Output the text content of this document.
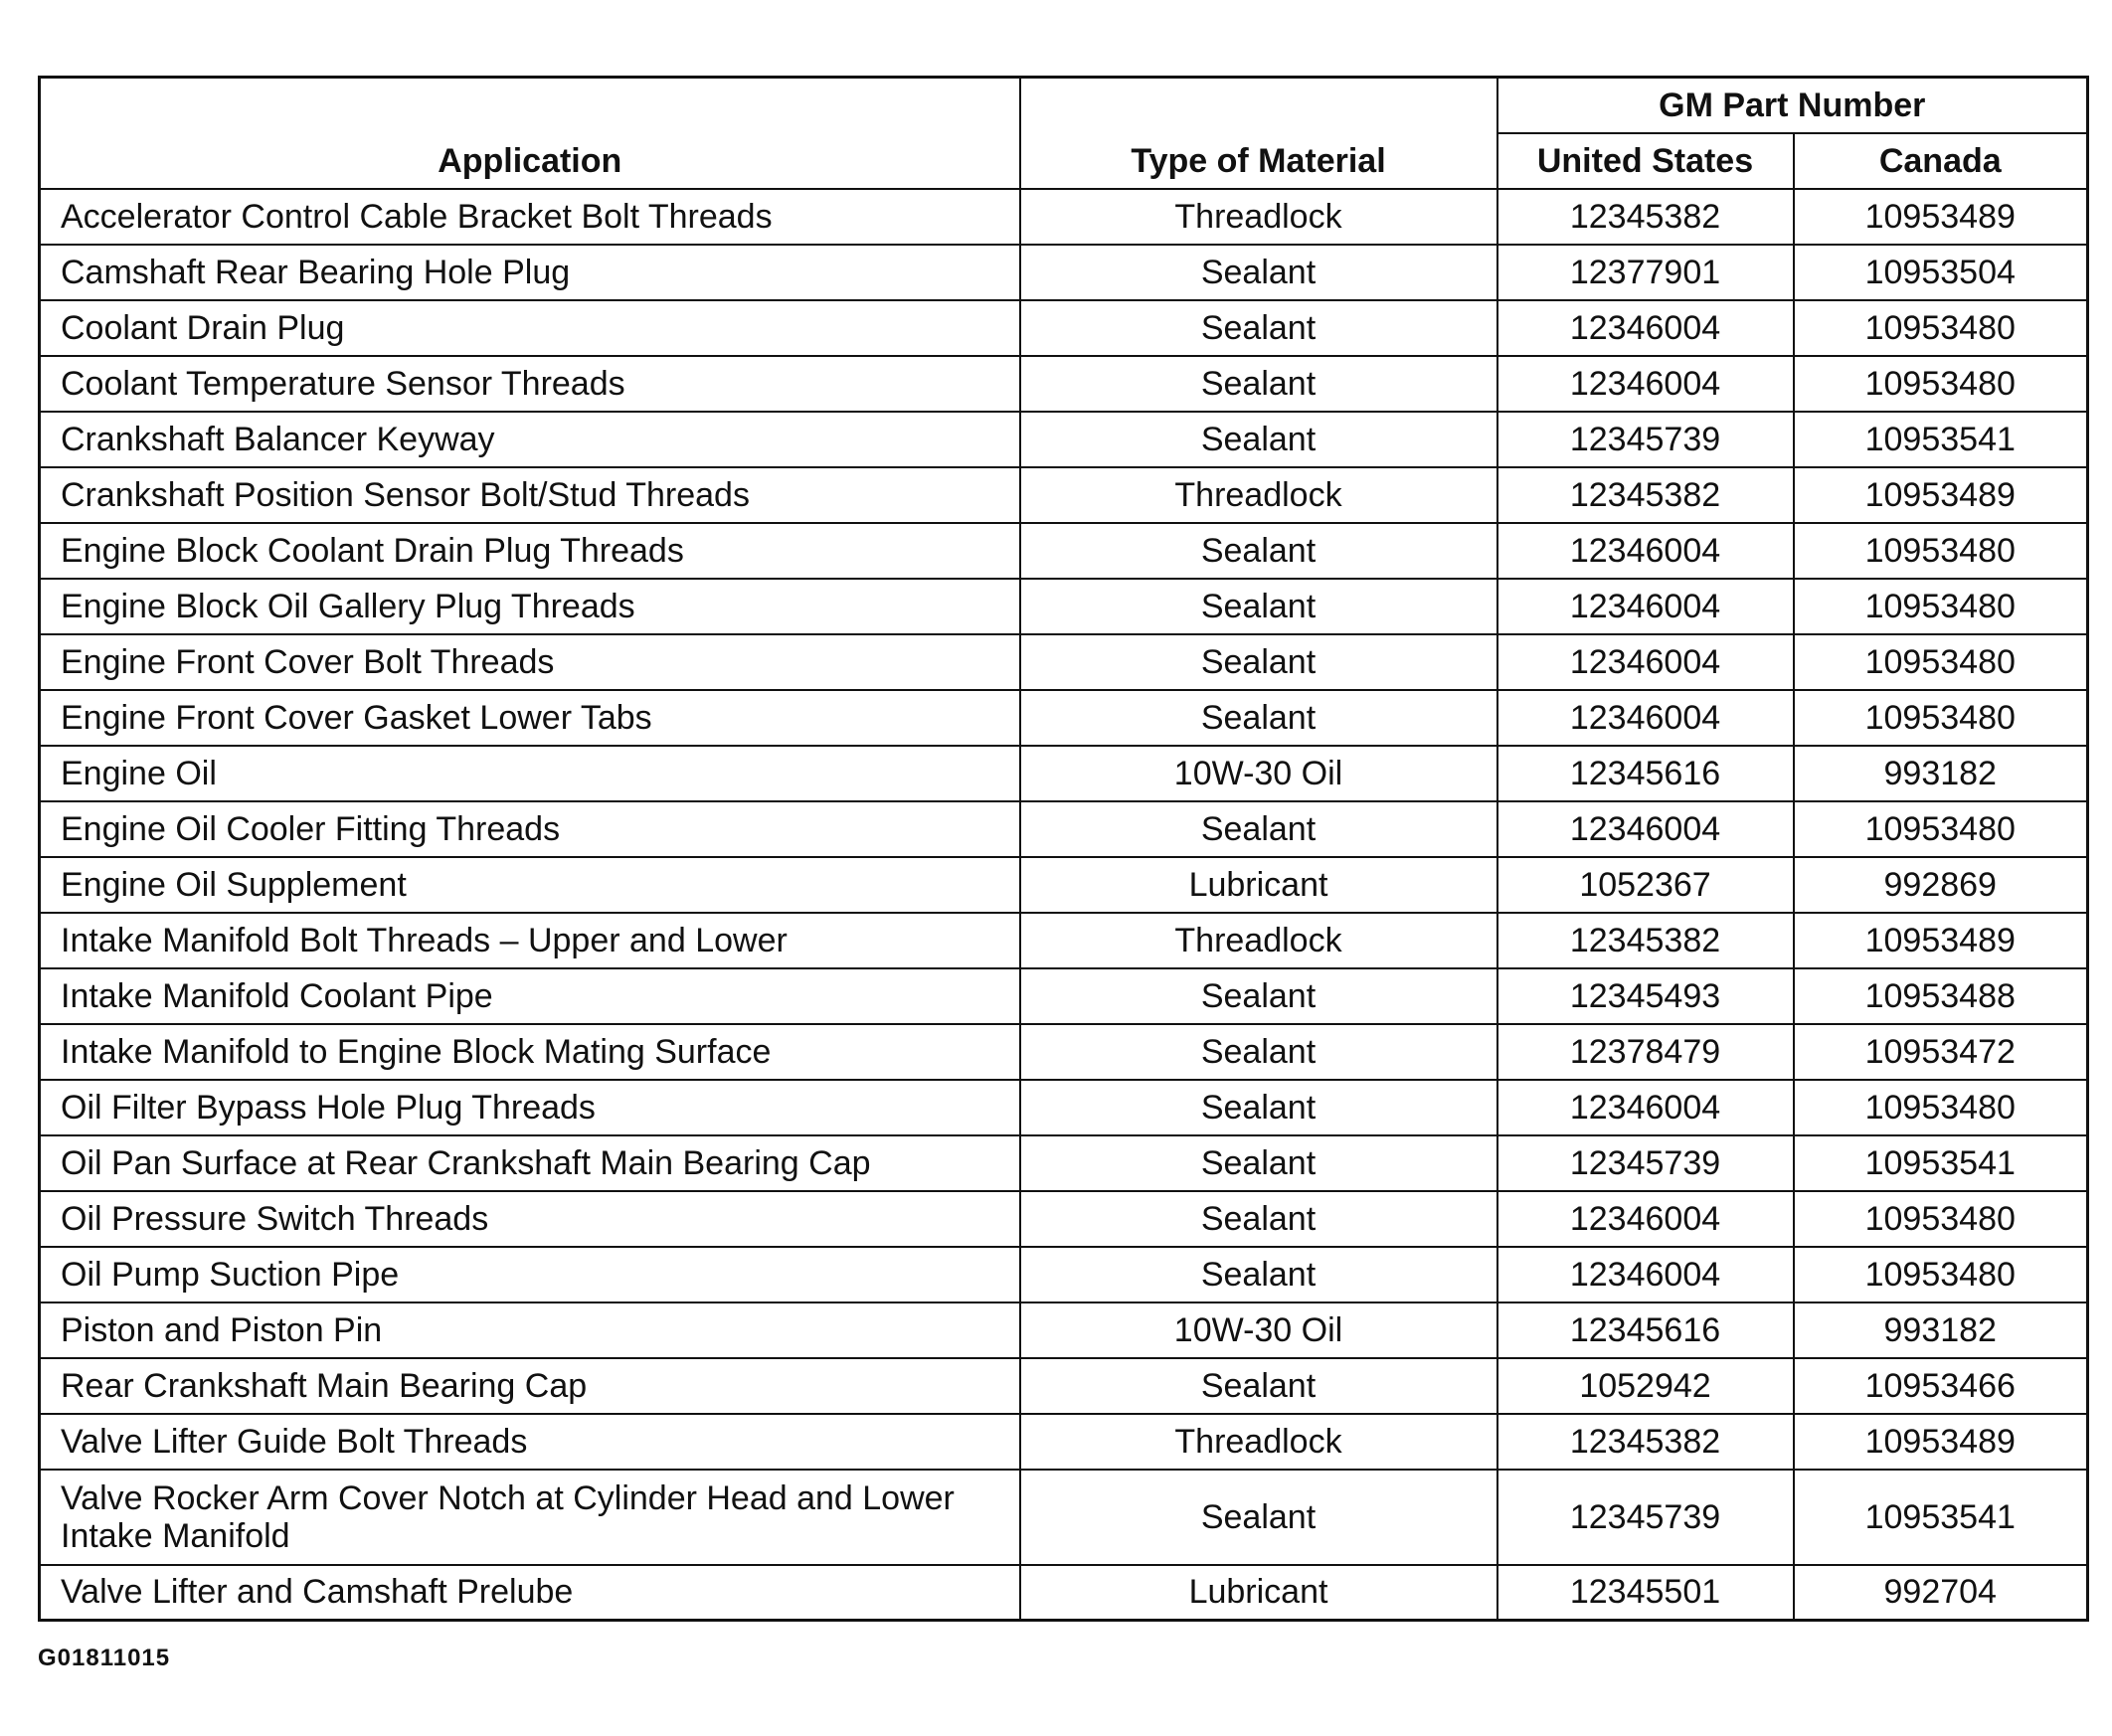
Application	Type of Material	GM Part Number	
		United States	Canada
Accelerator Control Cable Bracket Bolt Threads	Threadlock	12345382	10953489
Camshaft Rear Bearing Hole Plug	Sealant	12377901	10953504
Coolant Drain Plug	Sealant	12346004	10953480
Coolant Temperature Sensor Threads	Sealant	12346004	10953480
Crankshaft Balancer Keyway	Sealant	12345739	10953541
Crankshaft Position Sensor Bolt/Stud Threads	Threadlock	12345382	10953489
Engine Block Coolant Drain Plug Threads	Sealant	12346004	10953480
Engine Block Oil Gallery Plug Threads	Sealant	12346004	10953480
Engine Front Cover Bolt Threads	Sealant	12346004	10953480
Engine Front Cover Gasket Lower Tabs	Sealant	12346004	10953480
Engine Oil	10W-30 Oil	12345616	993182
Engine Oil Cooler Fitting Threads	Sealant	12346004	10953480
Engine Oil Supplement	Lubricant	1052367	992869
Intake Manifold Bolt Threads – Upper and Lower	Threadlock	12345382	10953489
Intake Manifold Coolant Pipe	Sealant	12345493	10953488
Intake Manifold to Engine Block Mating Surface	Sealant	12378479	10953472
Oil Filter Bypass Hole Plug Threads	Sealant	12346004	10953480
Oil Pan Surface at Rear Crankshaft Main Bearing Cap	Sealant	12345739	10953541
Oil Pressure Switch Threads	Sealant	12346004	10953480
Oil Pump Suction Pipe	Sealant	12346004	10953480
Piston and Piston Pin	10W-30 Oil	12345616	993182
Rear Crankshaft Main Bearing Cap	Sealant	1052942	10953466
Valve Lifter Guide Bolt Threads	Threadlock	12345382	10953489
Valve Rocker Arm Cover Notch at Cylinder Head and Lower Intake Manifold	Sealant	12345739	10953541
Valve Lifter and Camshaft Prelube	Lubricant	12345501	992704
G01811015
